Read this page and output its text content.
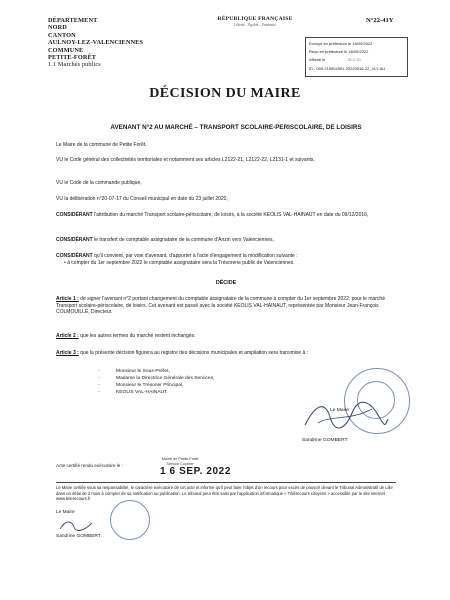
DÉPARTEMENT
NORD
CANTON
AULNOY-LEZ-VALENCIENNES
COMMUNE
PETITE-FORÊT
1.1 Marchés publics
RÉPUBLIQUE FRANÇAISE
Liberté – Égalité – Fraternité
N°22-41Y
Envoyé en préfecture le 16/09/2022
Reçu en préfecture le 16/09/2022
Affiché le	SLO ID
ID : 059-215904591-20220916-22_41Y-AU
DÉCISION DU MAIRE
AVENANT N°2 AU MARCHÉ – TRANSPORT SCOLAIRE-PERISCOLAIRE, DE LOISIRS
Le Maire de la commune de Petite Forêt,
VU le Code général des collectivités territoriales et notamment ses articles L2122-21, L2122-22, L2131-1 et suivants,
VU le Code de la commande publique,
VU la délibération n°20-07-17 du Conseil municipal en date du 23 juillet 2020,
CONSIDÉRANT l'attribution du marché Transport scolaire-périscolaire, de loisirs, à la société KEOLIS VAL-HAINAUT en date du 09/12/2016,
CONSIDÉRANT le transfert de comptable assignataire de la commune d'Anzin vers Valenciennes,
CONSIDÉRANT qu'il convient, par voie d'avenant, d'apporter à l'acte d'engagement la modification suivante :
• à compter du 1er septembre 2022 le comptable assignataire sera la Trésorerie public de Valenciennes.
DÉCIDE
Article 1 : de signer l'avenant n°2 portant changement du comptable assignataire de la commune à compter du 1er septembre 2022, pour le marché Transport scolaire-périscolaire, de loisirs. Cet avenant est passé avec la société KEOLIS VAL-HAINAUT, représentée par Monsieur Jean-François COLMOUILLE, Directeur.
Article 2 : que les autres termes du marché restent inchangés.
Article 3 : que la présente décision figurera au registre des décisions municipales et ampliation sera transmise à :
-	Monsieur le Sous-Préfet,
-	Madame la Directrice Générale des Services,
-	Monsieur le Trésorier Principal,
-	KEOLIS VAL-HAINAUT.
Le Maire
Sandrine GOMBERT
Mairie de Petite-Forêt
Service Courrier
Acte certifié rendu exécutoire le :
1 6 SEP. 2022
Le Maire certifie sous sa responsabilité, le caractère exécutoire de cet acte et informe qu'il peut faire l'objet d'un recours pour excès de pouvoir devant le Tribunal Administratif de Lille dans un délai de 2 mois à compter de sa notification ou publication. Le tribunal peut être saisi par l'application informatique « Télérecours citoyens » accessible par le site internet www.telerecours.fr
Le Maire
Sandrine GOMBERT
